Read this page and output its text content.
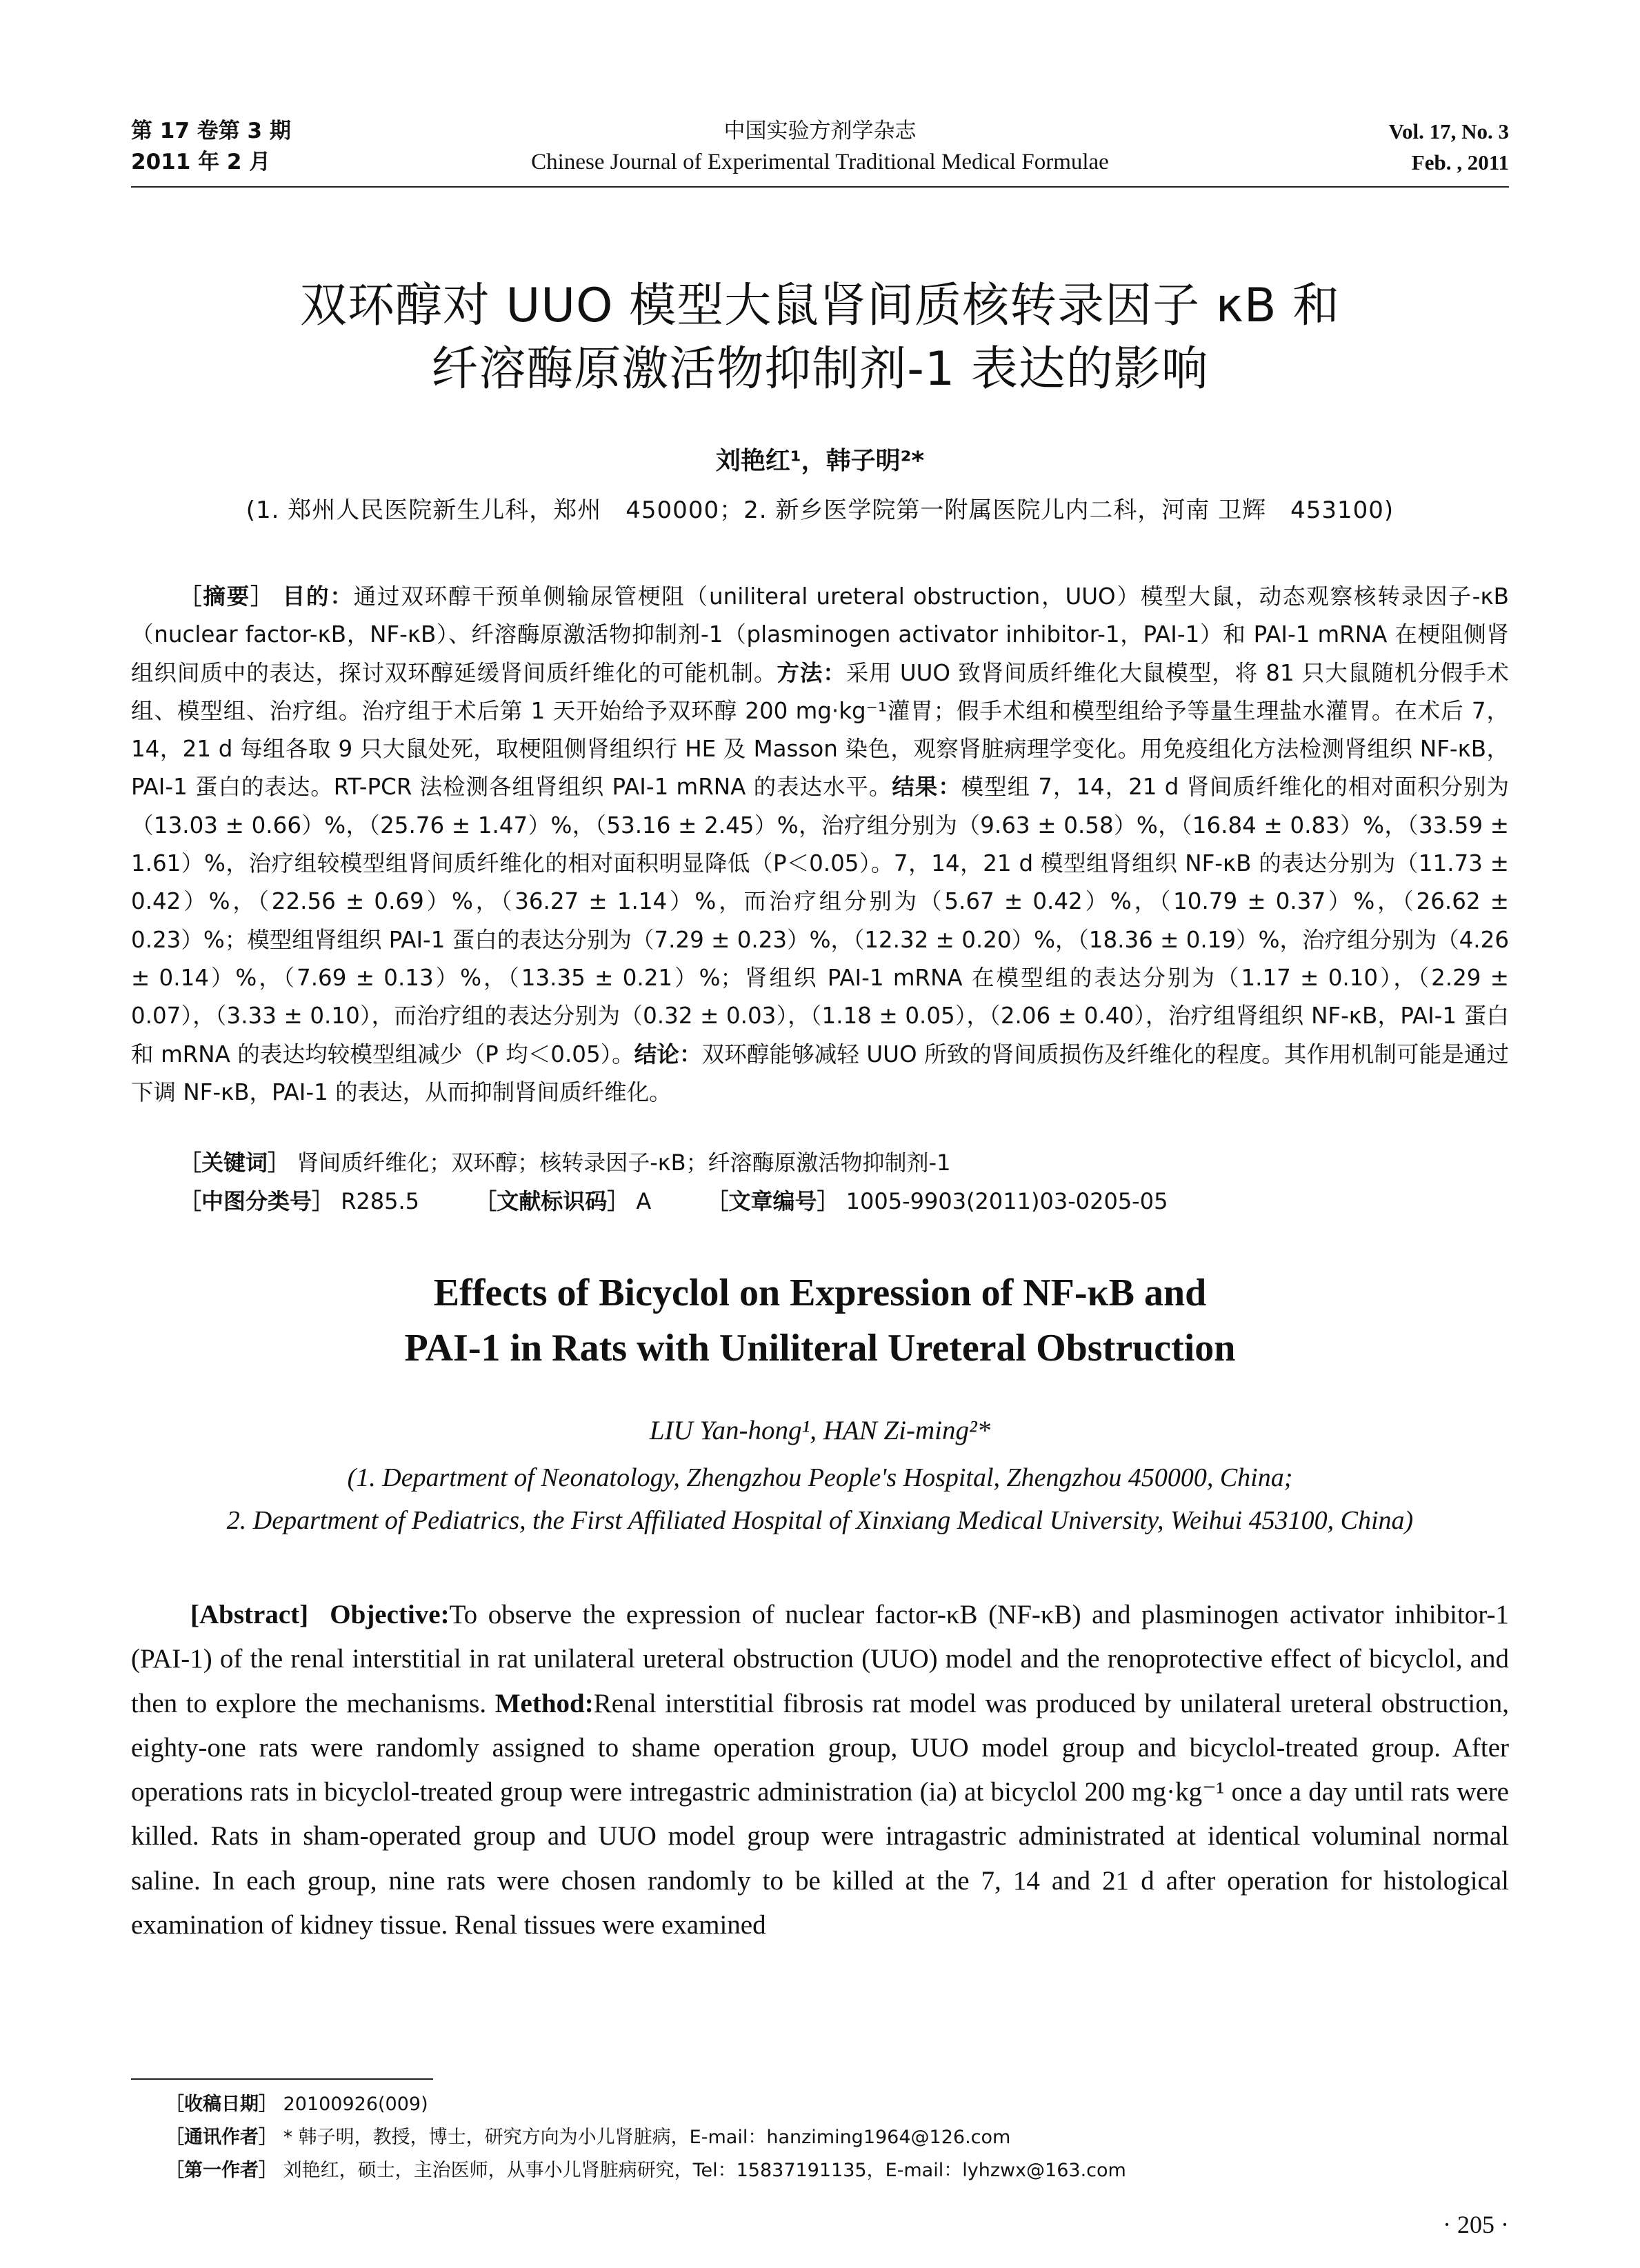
第 17 卷第 3 期
2011 年 2 月
中国实验方剂学杂志
Chinese Journal of Experimental Traditional Medical Formulae
Vol. 17, No. 3
Feb. , 2011
双环醇对 UUO 模型大鼠肾间质核转录因子 κB 和
纤溶酶原激活物抑制剂-1 表达的影响
刘艳红¹，韩子明²*
(1. 郑州人民医院新生儿科，郑州　450000；2. 新乡医学院第一附属医院儿内二科，河南 卫辉　453100)
［摘要］ 目的：通过双环醇干预单侧输尿管梗阻（uniliteral ureteral obstruction，UUO）模型大鼠，动态观察核转录因子-κB（nuclear factor-κB，NF-κB）、纤溶酶原激活物抑制剂-1（plasminogen activator inhibitor-1，PAI-1）和 PAI-1 mRNA 在梗阻侧肾组织间质中的表达，探讨双环醇延缓肾间质纤维化的可能机制。方法：采用 UUO 致肾间质纤维化大鼠模型，将 81 只大鼠随机分假手术组、模型组、治疗组。治疗组于术后第 1 天开始给予双环醇 200 mg·kg⁻¹灌胃；假手术组和模型组给予等量生理盐水灌胃。在术后 7，14，21 d 每组各取 9 只大鼠处死，取梗阻侧肾组织行 HE 及 Masson 染色，观察肾脏病理学变化。用免疫组化方法检测肾组织 NF-κB，PAI-1 蛋白的表达。RT-PCR 法检测各组肾组织 PAI-1 mRNA 的表达水平。结果：模型组 7，14，21 d 肾间质纤维化的相对面积分别为（13.03 ± 0.66）%，（25.76 ± 1.47）%，（53.16 ± 2.45）%，治疗组分别为（9.63 ± 0.58）%，（16.84 ± 0.83）%，（33.59 ± 1.61）%，治疗组较模型组肾间质纤维化的相对面积明显降低（P＜0.05）。7，14，21 d 模型组肾组织 NF-κB 的表达分别为（11.73 ± 0.42）%，（22.56 ± 0.69）%，（36.27 ± 1.14）%，而治疗组分别为（5.67 ± 0.42）%，（10.79 ± 0.37）%，（26.62 ± 0.23）%；模型组肾组织 PAI-1 蛋白的表达分别为（7.29 ± 0.23）%，（12.32 ± 0.20）%，（18.36 ± 0.19）%，治疗组分别为（4.26 ± 0.14）%，（7.69 ± 0.13）%，（13.35 ± 0.21）%；肾组织 PAI-1 mRNA 在模型组的表达分别为（1.17 ± 0.10），（2.29 ± 0.07），（3.33 ± 0.10），而治疗组的表达分别为（0.32 ± 0.03），（1.18 ± 0.05），（2.06 ± 0.40），治疗组肾组织 NF-κB，PAI-1 蛋白和 mRNA 的表达均较模型组减少（P 均＜0.05）。结论：双环醇能够减轻 UUO 所致的肾间质损伤及纤维化的程度。其作用机制可能是通过下调 NF-κB，PAI-1 的表达，从而抑制肾间质纤维化。
［关键词］ 肾间质纤维化；双环醇；核转录因子-κB；纤溶酶原激活物抑制剂-1
［中图分类号］ R285.5	［文献标识码］ A	［文章编号］ 1005-9903(2011)03-0205-05
Effects of Bicyclol on Expression of NF-κB and
PAI-1 in Rats with Uniliteral Ureteral Obstruction
LIU Yan-hong¹, HAN Zi-ming²*
(1. Department of Neonatology, Zhengzhou People's Hospital, Zhengzhou 450000, China;
2. Department of Pediatrics, the First Affiliated Hospital of Xinxiang Medical University, Weihui 453100, China)
[Abstract] Objective:To observe the expression of nuclear factor-κB (NF-κB) and plasminogen activator inhibitor-1 (PAI-1) of the renal interstitial in rat unilateral ureteral obstruction (UUO) model and the renoprotective effect of bicyclol, and then to explore the mechanisms. Method:Renal interstitial fibrosis rat model was produced by unilateral ureteral obstruction, eighty-one rats were randomly assigned to shame operation group, UUO model group and bicyclol-treated group. After operations rats in bicyclol-treated group were intregastric administration (ia) at bicyclol 200 mg·kg⁻¹ once a day until rats were killed. Rats in sham-operated group and UUO model group were intragastric administrated at identical voluminal normal saline. In each group, nine rats were chosen randomly to be killed at the 7, 14 and 21 d after operation for histological examination of kidney tissue. Renal tissues were examined
［收稿日期］ 20100926(009)
［通讯作者］ * 韩子明，教授，博士，研究方向为小儿肾脏病，E-mail：hanziming1964@126.com
［第一作者］ 刘艳红，硕士，主治医师，从事小儿肾脏病研究，Tel：15837191135，E-mail：lyhzwx@163.com
· 205 ·
